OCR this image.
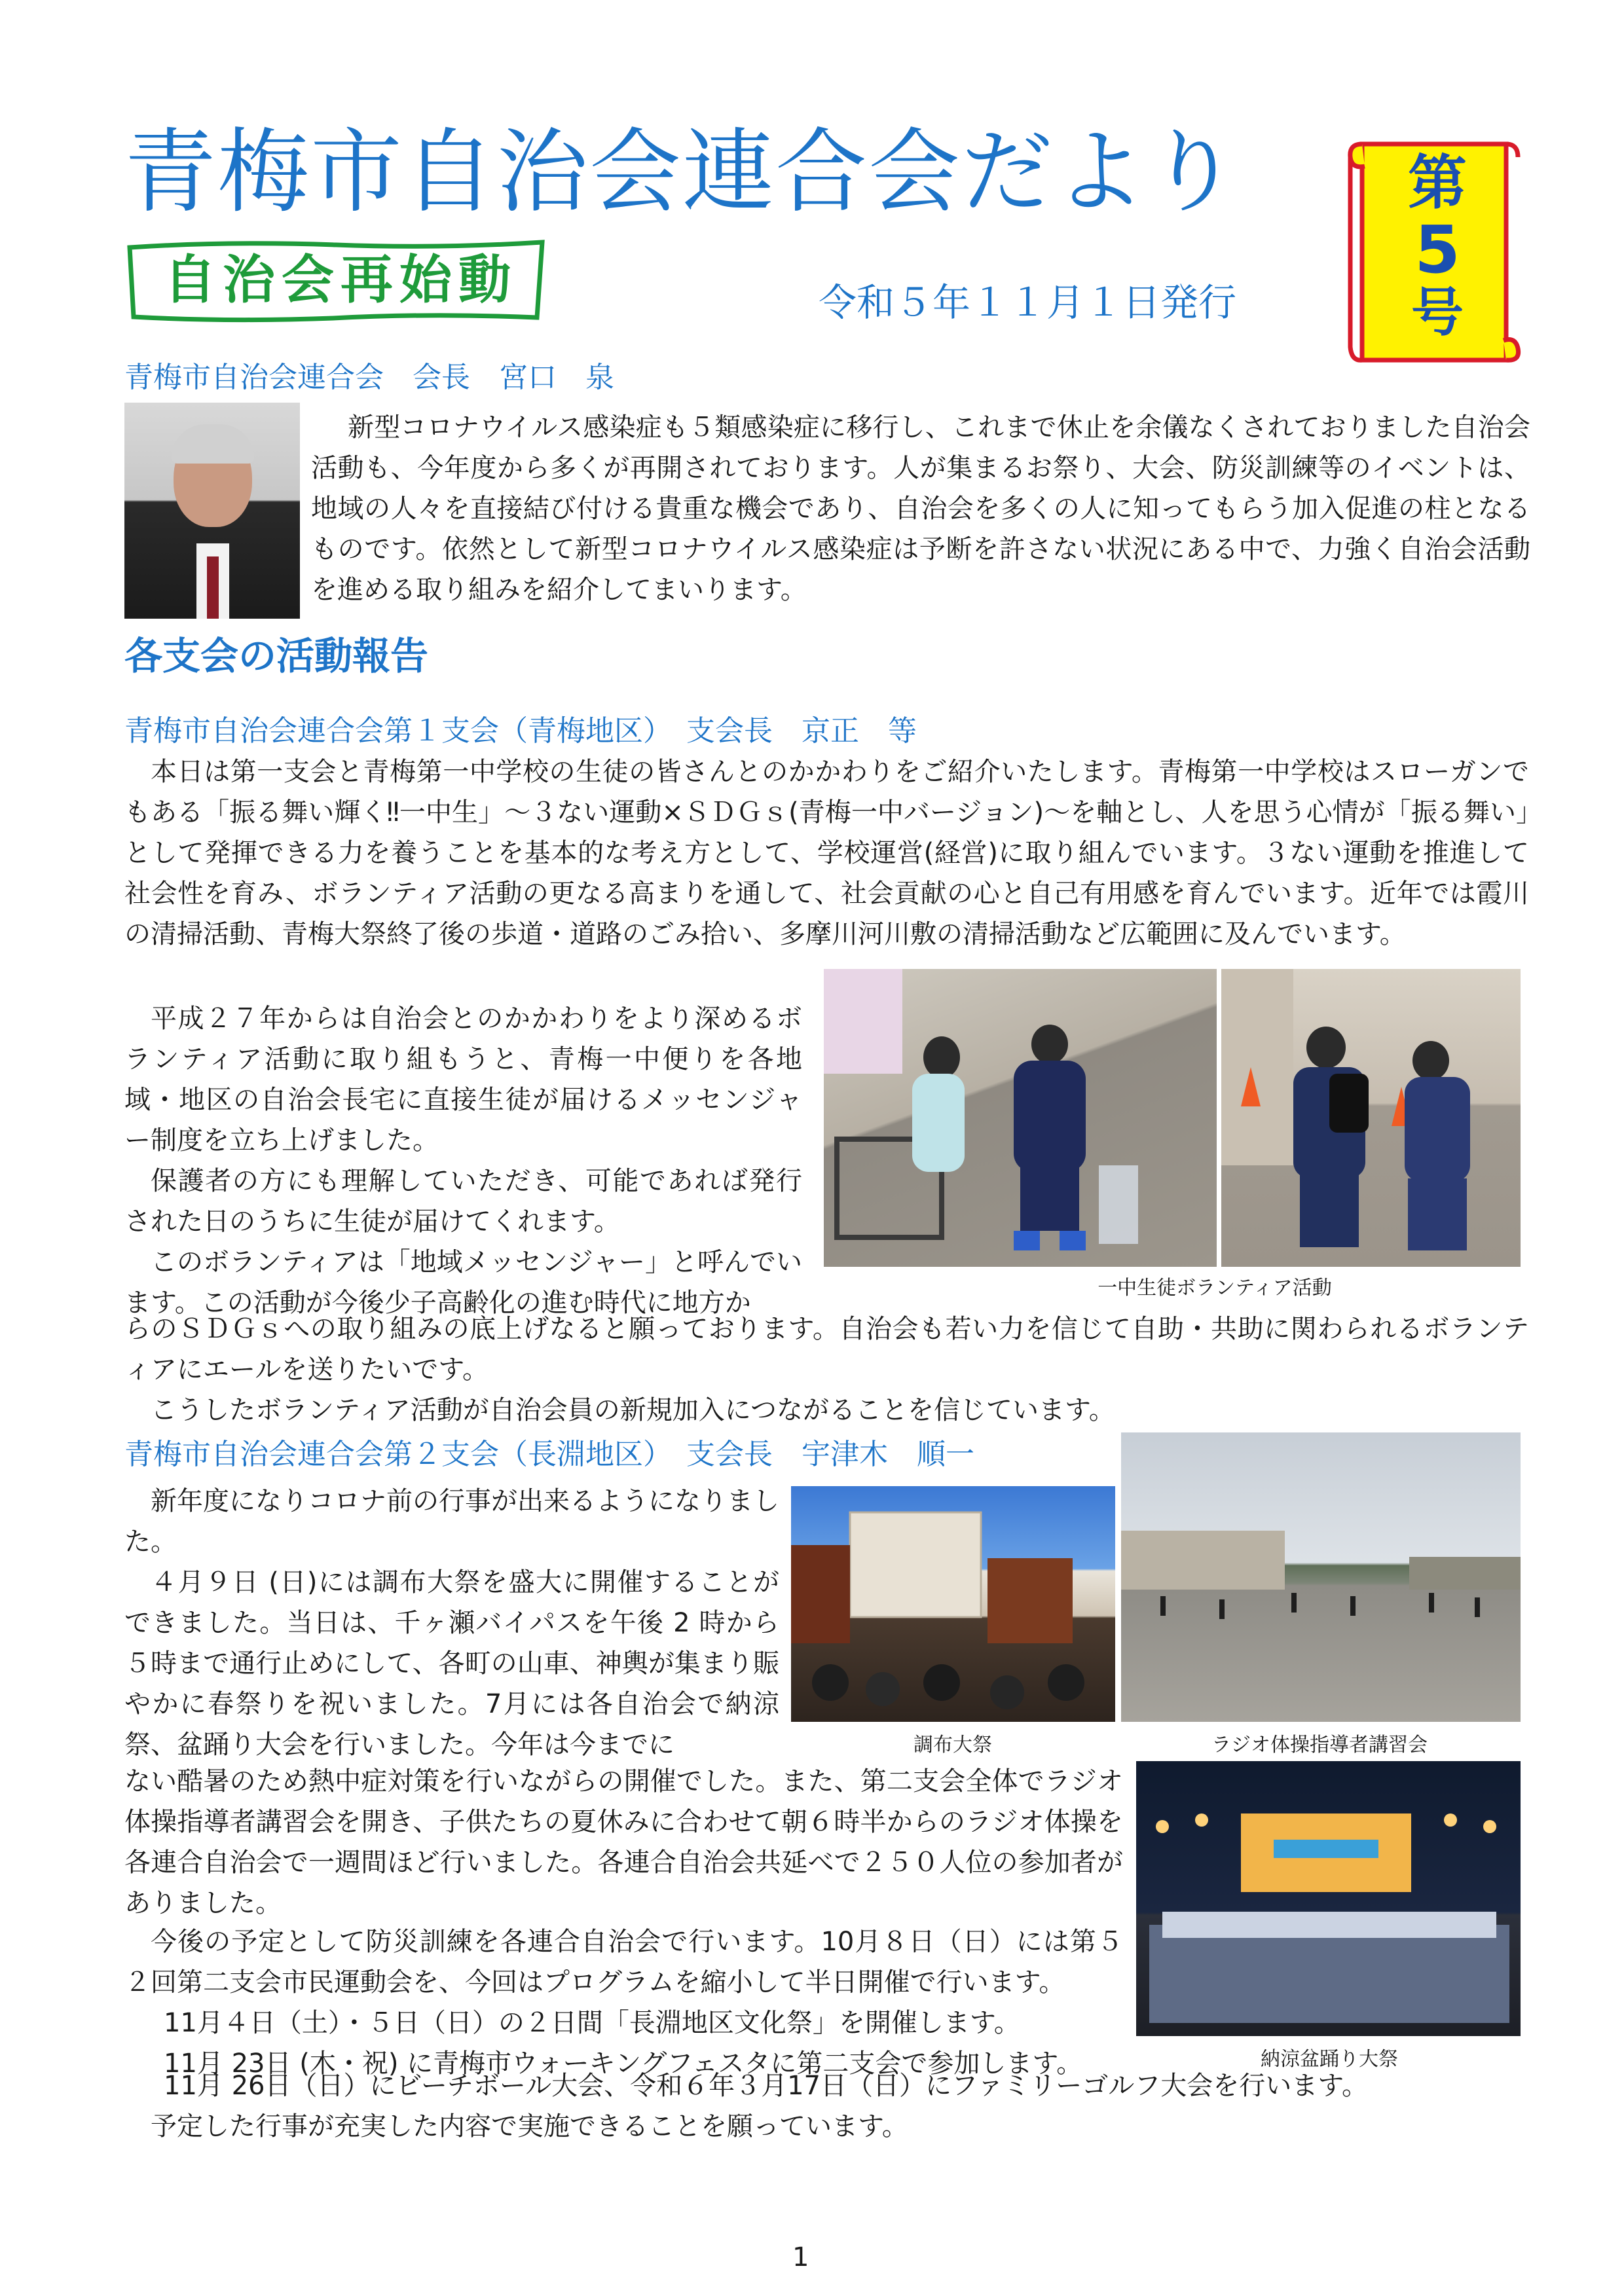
青梅市自治会連合会だより
自治会再始動	令和５年１１月１日発行
第
5
号
青梅市自治会連合会　会長　宮口　泉

新型コロナウイルス感染症も５類感染症に移行し、これまで休止を余儀なくされておりました自治会活動も、今年度から多くが再開されております。人が集まるお祭り、大会、防災訓練等のイベントは、地域の人々を直接結び付ける貴重な機会であり、自治会を多くの人に知ってもらう加入促進の柱となるものです。依然として新型コロナウイルス感染症は予断を許さない状況にある中で、力強く自治会活動を進める取り組みを紹介してまいります。

各支会の活動報告
青梅市自治会連合会第１支会（青梅地区）　支会長　京正　等

本日は第一支会と青梅第一中学校の生徒の皆さんとのかかわりをご紹介いたします。青梅第一中学校はスローガンでもある「振る舞い輝く‼一中生」～３ない運動×ＳＤＧｓ(青梅一中バージョン)～を軸とし、人を思う心情が「振る舞い」として発揮できる力を養うことを基本的な考え方として、学校運営(経営)に取り組んでいます。３ない運動を推進して社会性を育み、ボランティア活動の更なる高まりを通して、社会貢献の心と自己有用感を育んでいます。近年では霞川の清掃活動、青梅大祭終了後の歩道・道路のごみ拾い、多摩川河川敷の清掃活動など広範囲に及んでいます。

平成２７年からは自治会とのかかわりをより深めるボランティア活動に取り組もうと、青梅一中便りを各地域・地区の自治会長宅に直接生徒が届けるメッセンジャー制度を立ち上げました。

保護者の方にも理解していただき、可能であれば発行された日のうちに生徒が届けてくれます。

このボランティアは「地域メッセンジャー」と呼んでいます。この活動が今後少子高齢化の進む時代に地方か	一中生徒ボランティア活動

らのＳＤＧｓへの取り組みの底上げなると願っております。自治会も若い力を信じて自助・共助に関わられるボランティアにエールを送りたいです。

こうしたボランティア活動が自治会員の新規加入につながることを信じています。

青梅市自治会連合会第２支会（長淵地区）　支会長　宇津木　順一

新年度になりコロナ前の行事が出来るようになりました。

４月９日 (日)には調布大祭を盛大に開催することができました。当日は、千ヶ瀬バイパスを午後 2 時から５時まで通行止めにして、各町の山車、神輿が集まり賑やかに春祭りを祝いました。7月には各自治会で納涼祭、盆踊り大会を行いました。今年は今までに	調布大祭	ラジオ体操指導者講習会

ない酷暑のため熱中症対策を行いながらの開催でした。また、第二支会全体でラジオ体操指導者講習会を開き、子供たちの夏休みに合わせて朝６時半からのラジオ体操を各連合自治会で一週間ほど行いました。各連合自治会共延べで２５０人位の参加者がありました。

今後の予定として防災訓練を各連合自治会で行います。10月８日（日）には第５２回第二支会市民運動会を、今回はプログラムを縮小して半日開催で行います。

11月４日（土）・５日（日）の２日間「長淵地区文化祭」を開催します。

11月 23日 (木・祝) に青梅市ウォーキングフェスタに第二支会で参加します。	納涼盆踊り大祭

11月 26日（日）にビーチボール大会、令和６年３月17日（日）にファミリーゴルフ大会を行います。

予定した行事が充実した内容で実施できることを願っています。

1
